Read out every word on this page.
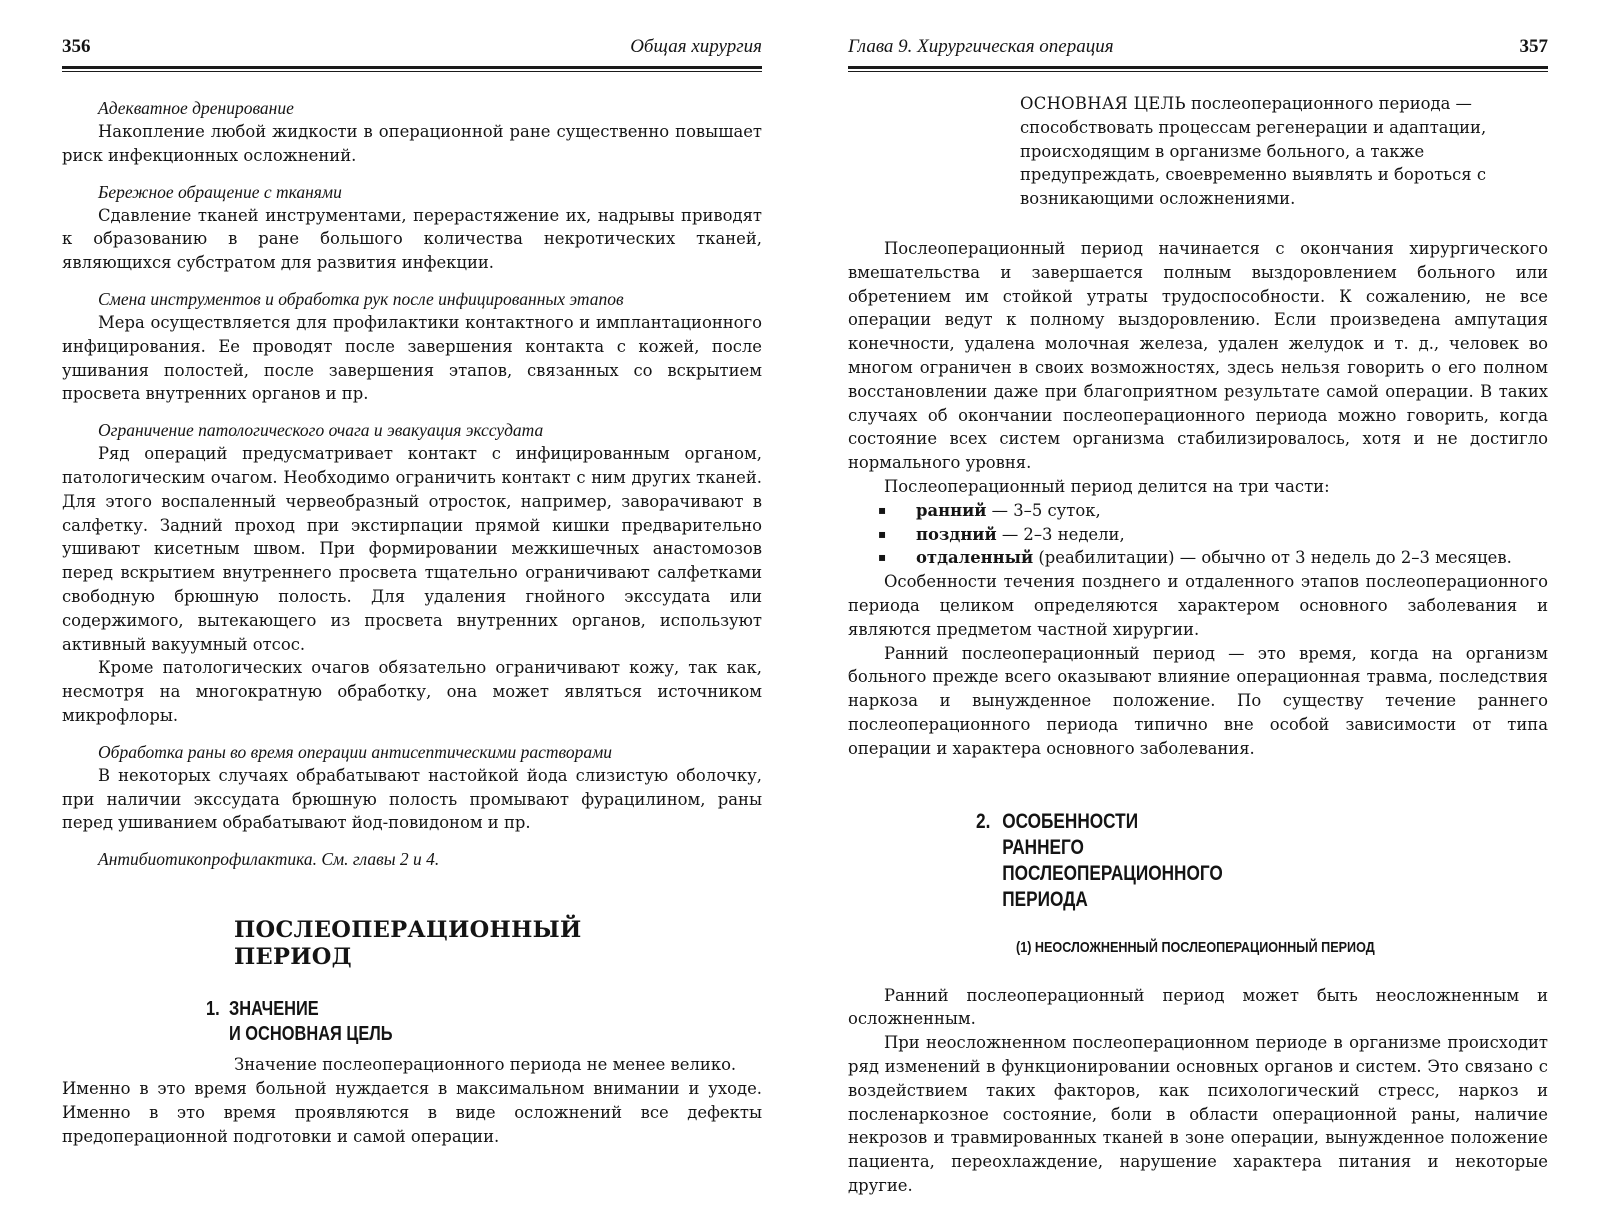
356	Общая хирургия
Адекватное дренирование

Накопление любой жидкости в операционной ране существенно повышает риск инфекционных осложнений.

Бережное обращение с тканями

Сдавление тканей инструментами, перерастяжение их, надрывы приводят к образованию в ране большого количества некротических тканей, являющихся субстратом для развития инфекции.

Смена инструментов и обработка рук после инфицированных этапов

Мера осуществляется для профилактики контактного и имплантационного инфицирования. Ее проводят после завершения контакта с кожей, после ушивания полостей, после завершения этапов, связанных со вскрытием просвета внутренних органов и пр.

Ограничение патологического очага и эвакуация экссудата

Ряд операций предусматривает контакт с инфицированным органом, патологическим очагом. Необходимо ограничить контакт с ним других тканей. Для этого воспаленный червеобразный отросток, например, заворачивают в салфетку. Задний проход при экстирпации прямой кишки предварительно ушивают кисетным швом. При формировании межкишечных анастомозов перед вскрытием внутреннего просвета тщательно ограничивают салфетками свободную брюшную полость. Для удаления гнойного экссудата или содержимого, вытекающего из просвета внутренних органов, используют активный вакуумный отсос.

Кроме патологических очагов обязательно ограничивают кожу, так как, несмотря на многократную обработку, она может являться источником микрофлоры.

Обработка раны во время операции антисептическими растворами

В некоторых случаях обрабатывают настойкой йода слизистую оболочку, при наличии экссудата брюшную полость промывают фурацилином, раны перед ушиванием обрабатывают йод-повидоном и пр.

Антибиотикопрофилактика. См. главы 2 и 4.
ПОСЛЕОПЕРАЦИОННЫЙ
ПЕРИОД
1. ЗНАЧЕНИЕ
И ОСНОВНАЯ ЦЕЛЬ

Значение послеоперационного периода не менее велико.

Именно в это время больной нуждается в максимальном внимании и уходе. Именно в это время проявляются в виде осложнений все дефекты предоперационной подготовки и самой операции.

Глава 9. Хирургическая операция	357

ОСНОВНАЯ ЦЕЛЬ послеоперационного периода — способствовать процессам регенерации и адаптации, происходящим в организме больного, а также предупреждать, своевременно выявлять и бороться с возникающими осложнениями.

Послеоперационный период начинается с окончания хирургического вмешательства и завершается полным выздоровлением больного или обретением им стойкой утраты трудоспособности. К сожалению, не все операции ведут к полному выздоровлению. Если произведена ампутация конечности, удалена молочная железа, удален желудок и т. д., человек во многом ограничен в своих возможностях, здесь нельзя говорить о его полном восстановлении даже при благоприятном результате самой операции. В таких случаях об окончании послеоперационного периода можно говорить, когда состояние всех систем организма стабилизировалось, хотя и не достигло нормального уровня.

Послеоперационный период делится на три части:

▪ ранний — 3–5 суток,
▪ поздний — 2–3 недели,
▪ отдаленный (реабилитации) — обычно от 3 недель до 2–3 месяцев.

Особенности течения позднего и отдаленного этапов послеоперационного периода целиком определяются характером основного заболевания и являются предметом частной хирургии.

Ранний послеоперационный период — это время, когда на организм больного прежде всего оказывают влияние операционная травма, последствия наркоза и вынужденное положение. По существу течение раннего послеоперационного периода типично вне особой зависимости от типа операции и характера основного заболевания.

2. ОСОБЕННОСТИ
РАННЕГО
ПОСЛЕОПЕРАЦИОННОГО
ПЕРИОДА
(1) НЕОСЛОЖНЕННЫЙ ПОСЛЕОПЕРАЦИОННЫЙ ПЕРИОД

Ранний послеоперационный период может быть неосложненным и осложненным.

При неосложненном послеоперационном периоде в организме происходит ряд изменений в функционировании основных органов и систем. Это связано с воздействием таких факторов, как психологический стресс, наркоз и посленаркозное состояние, боли в области операционной раны, наличие некрозов и травмированных тканей в зоне операции, вынужденное положение пациента, переохлаждение, нарушение характера питания и некоторые другие.
